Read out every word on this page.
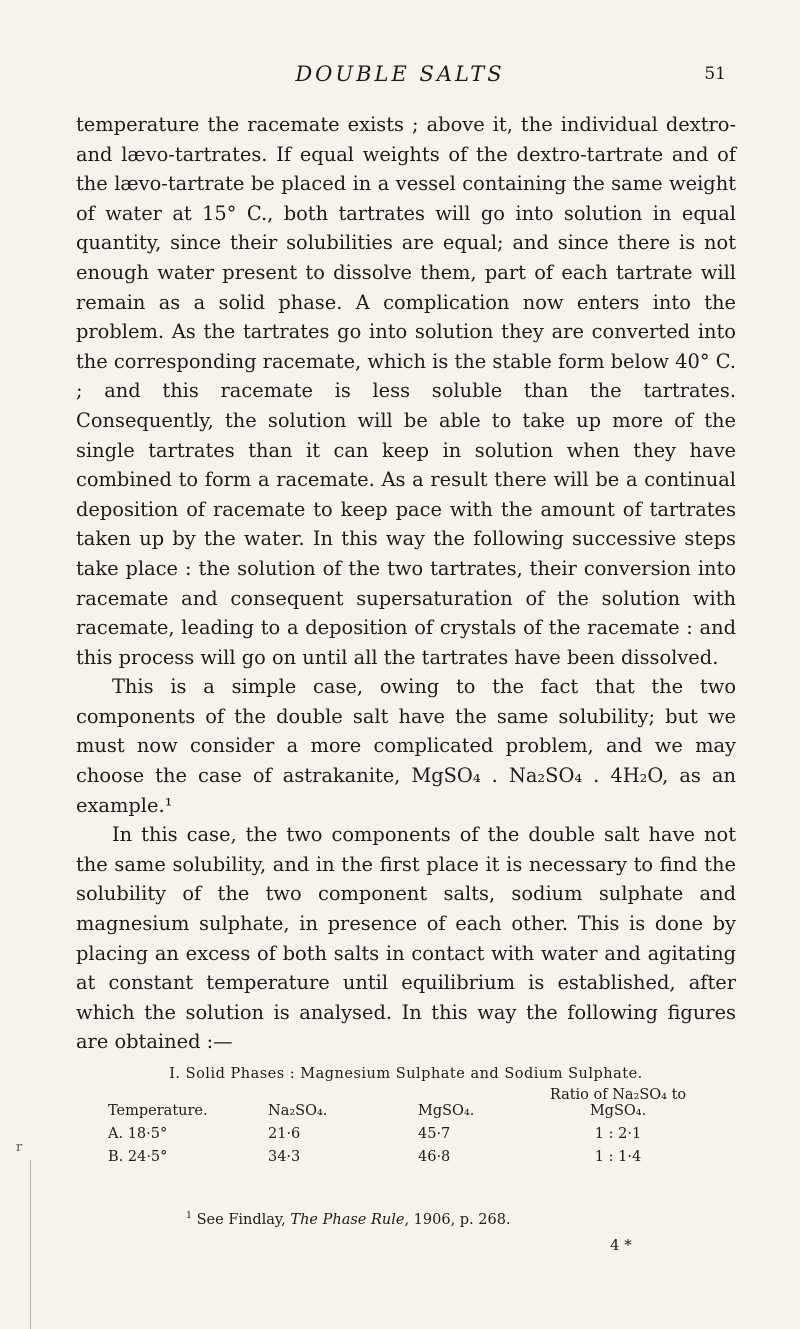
DOUBLE SALTS	51

temperature the racemate exists ; above it, the individual dextro- and lævo-tartrates. If equal weights of the dextro-tartrate and of the lævo-tartrate be placed in a vessel containing the same weight of water at 15° C., both tartrates will go into solution in equal quantity, since their solubilities are equal; and since there is not enough water present to dissolve them, part of each tartrate will remain as a solid phase. A complication now enters into the problem. As the tartrates go into solution they are converted into the corresponding racemate, which is the stable form below 40° C. ; and this racemate is less soluble than the tartrates. Consequently, the solution will be able to take up more of the single tartrates than it can keep in solution when they have combined to form a racemate. As a result there will be a continual deposition of racemate to keep pace with the amount of tartrates taken up by the water. In this way the following successive steps take place : the solution of the two tartrates, their conversion into racemate and consequent supersaturation of the solution with racemate, leading to a deposition of crystals of the racemate : and this process will go on until all the tartrates have been dissolved.

This is a simple case, owing to the fact that the two components of the double salt have the same solubility; but we must now consider a more complicated problem, and we may choose the case of astrakanite, MgSO₄ . Na₂SO₄ . 4H₂O, as an example.¹

In this case, the two components of the double salt have not the same solubility, and in the first place it is necessary to find the solubility of the two component salts, sodium sulphate and magnesium sulphate, in presence of each other. This is done by placing an excess of both salts in contact with water and agitating at constant temperature until equilibrium is established, after which the solution is analysed. In this way the following figures are obtained :—

I. Solid Phases : Magnesium Sulphate and Sodium Sulphate.
Temperature.	Na₂SO₄.	MgSO₄.	Ratio of Na₂SO₄ to MgSO₄.
A. 18·5°	21·6	45·7	1 : 2·1
B. 24·5°	34·3	46·8	1 : 1·4
$^1$ See Findlay, The Phase Rule, 1906, p. 268.
4 *
r
